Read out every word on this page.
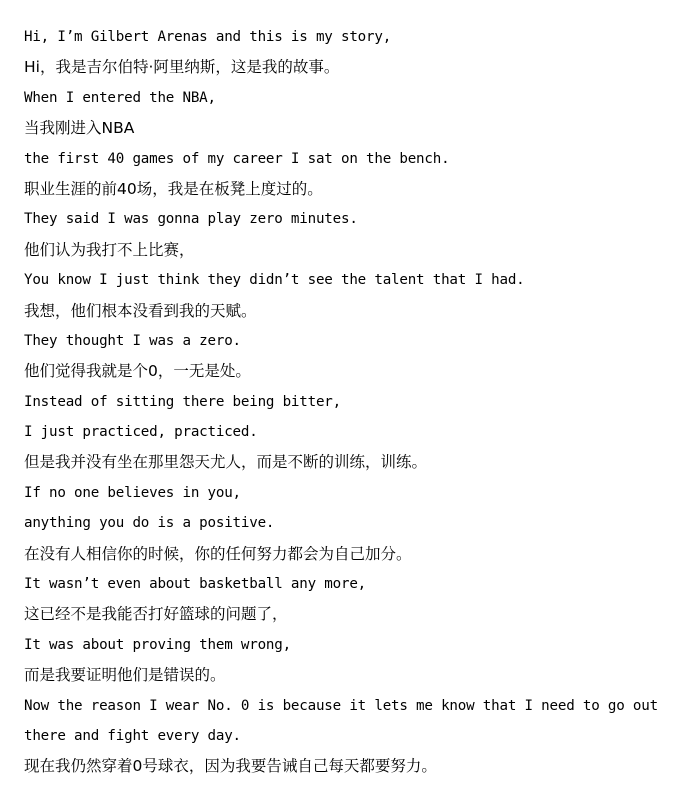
Hi, I’m Gilbert Arenas and this is my story,
Hi，我是吉尔伯特·阿里纳斯，这是我的故事。
When I entered the NBA,
当我刚进入NBA
the first 40 games of my career I sat on the bench.
职业生涯的前40场，我是在板凳上度过的。
They said I was gonna play zero minutes.
他们认为我打不上比赛，
You know I just think they didn’t see the talent that I had.
我想，他们根本没看到我的天赋。
They thought I was a zero.
他们觉得我就是个0，一无是处。
Instead of sitting there being bitter,
I just practiced, practiced.
但是我并没有坐在那里怨天尤人，而是不断的训练，训练。
If no one believes in you,
anything you do is a positive.
在没有人相信你的时候，你的任何努力都会为自己加分。
It wasn’t even about basketball any more,
这已经不是我能否打好篮球的问题了，
It was about proving them wrong,
而是我要证明他们是错误的。
Now the reason I wear No. 0 is because it lets me know that I need to go out
there and fight every day.
现在我仍然穿着0号球衣，因为我要告诫自己每天都要努力。
